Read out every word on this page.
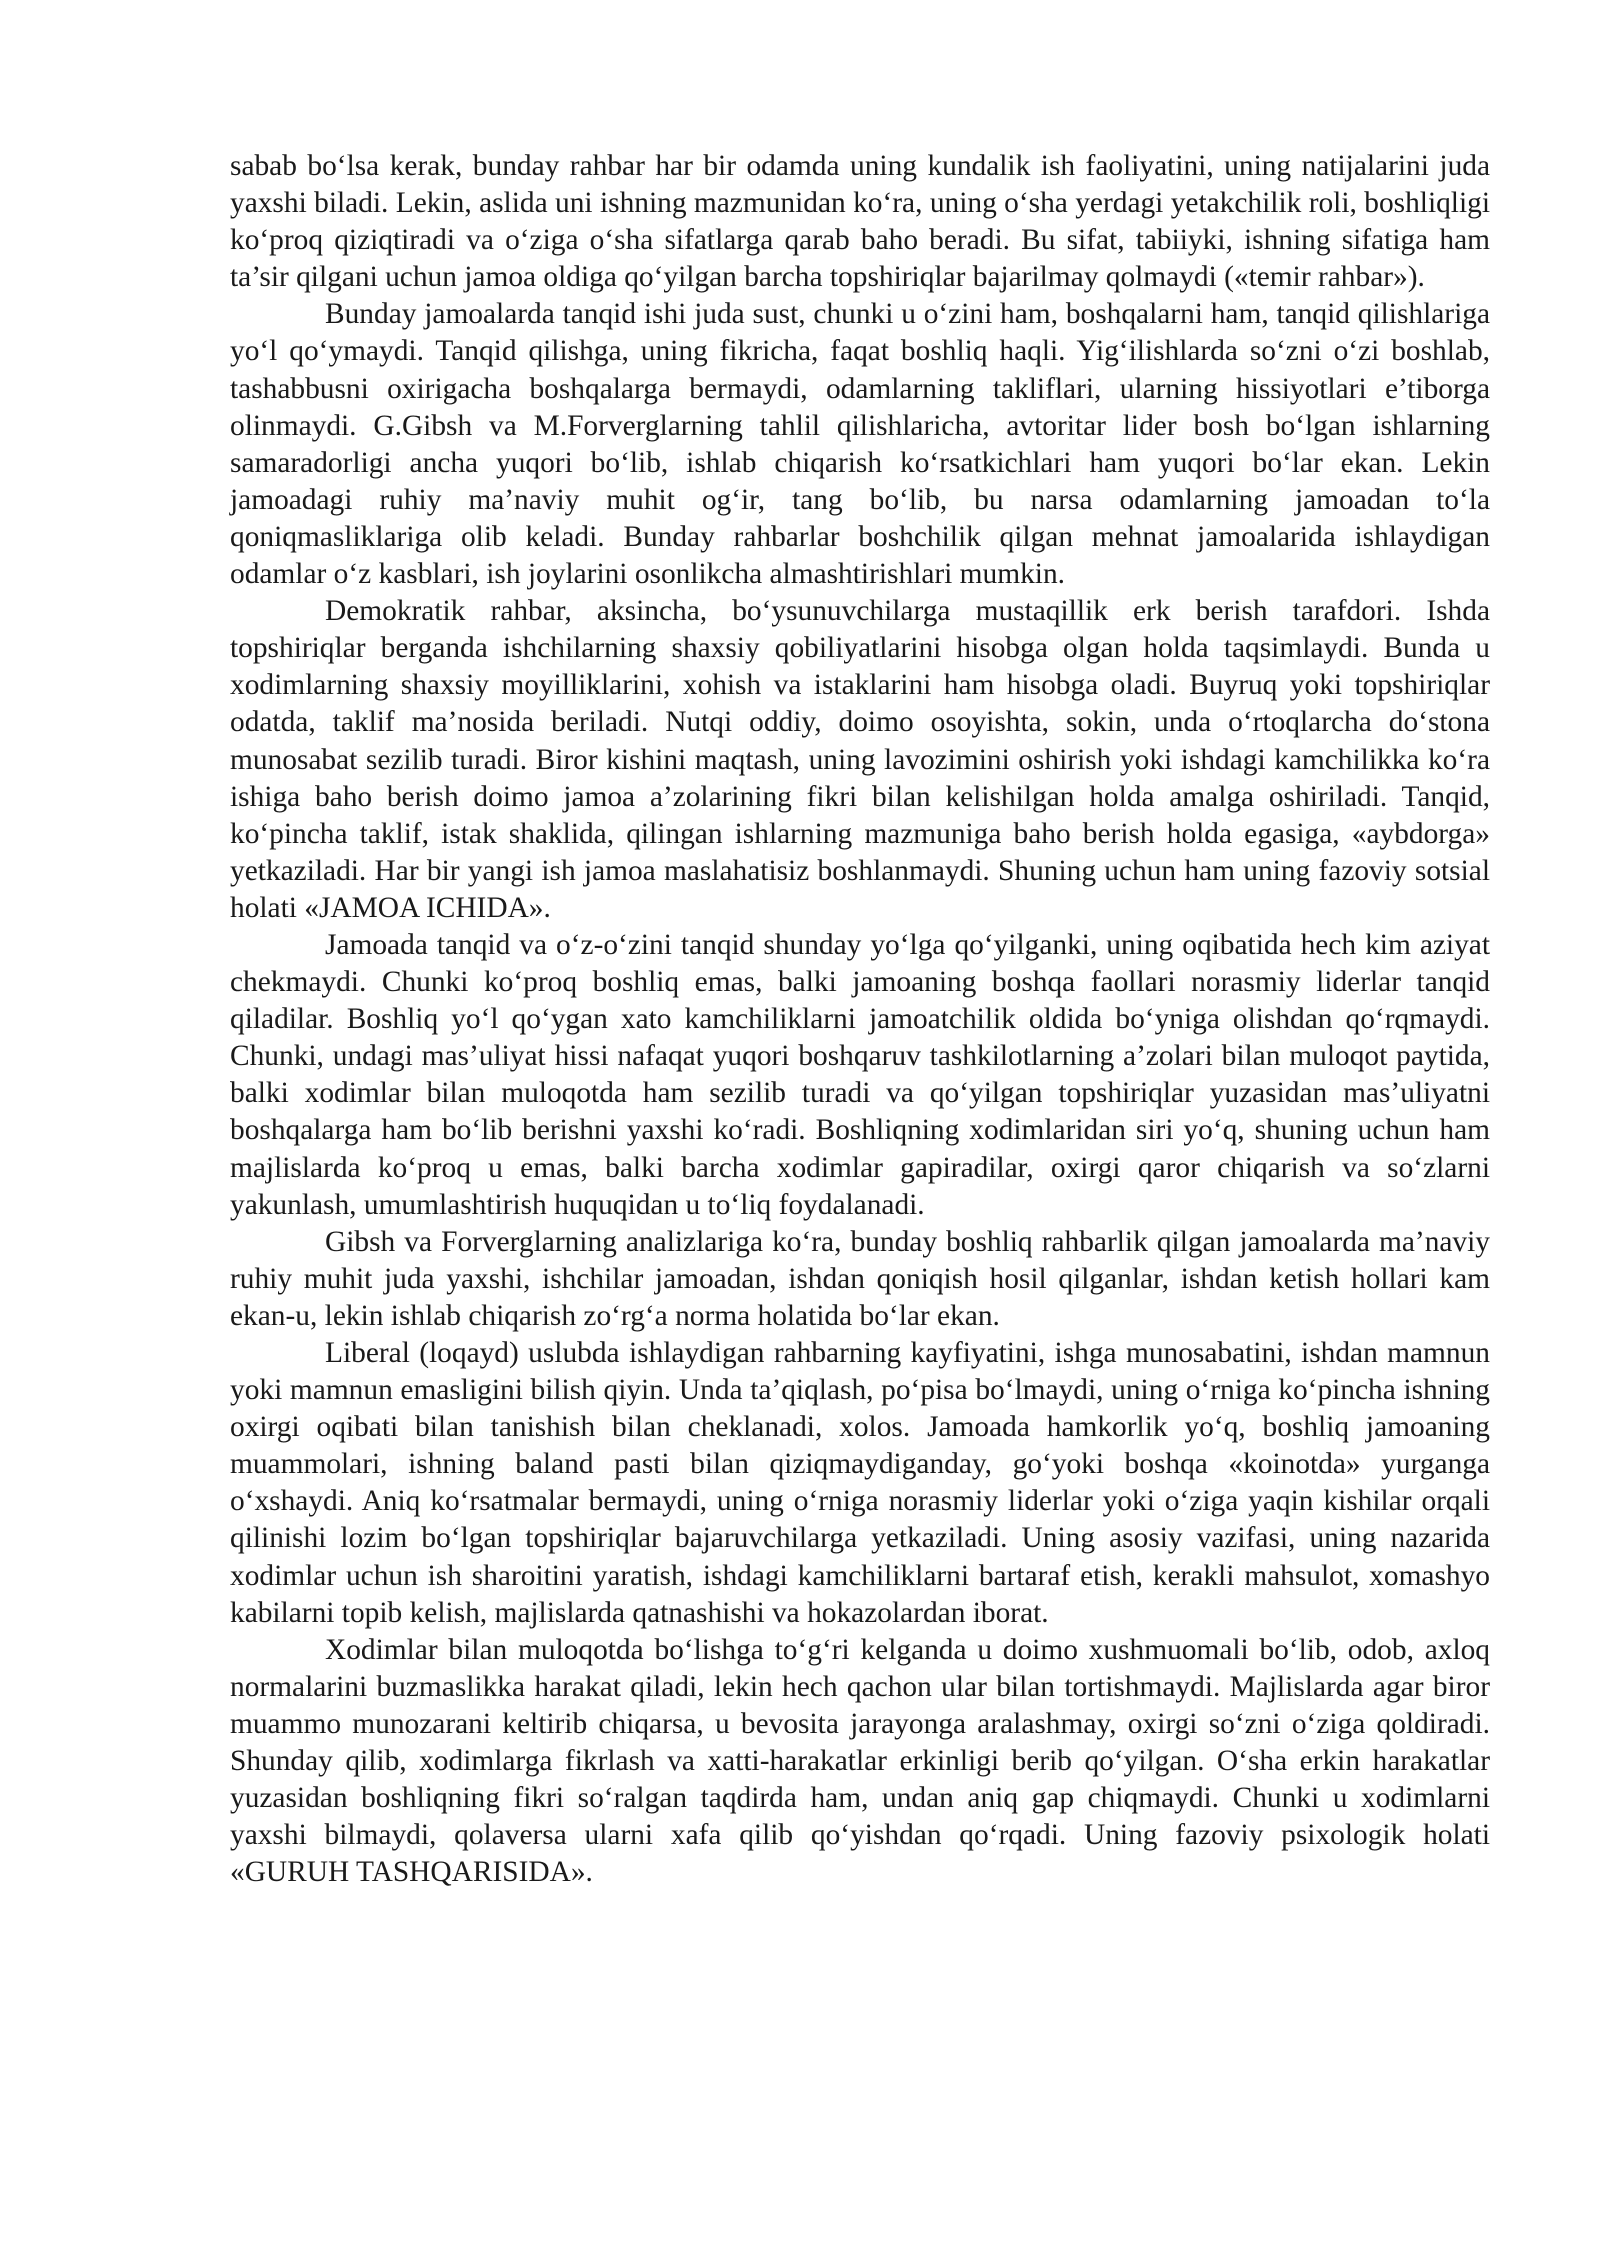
sabab bo‘lsa kerak, bunday rahbar har bir odamda uning kundalik ish faoliyatini, uning natijalarini juda yaxshi biladi. Lekin, aslida uni ishning mazmunidan ko‘ra, uning o‘sha yerdagi yetakchilik roli, boshliqligi ko‘proq qiziqtiradi va o‘ziga o‘sha sifatlarga qarab baho beradi. Bu sifat, tabiiyki, ishning sifatiga ham ta’sir qilgani uchun jamoa oldiga qo‘yilgan barcha topshiriqlar bajarilmay qolmaydi («temir rahbar»).

Bunday jamoalarda tanqid ishi juda sust, chunki u o‘zini ham, boshqalarni ham, tanqid qilishlariga yo‘l qo‘ymaydi. Tanqid qilishga, uning fikricha, faqat boshliq haqli. Yig‘ilishlarda so‘zni o‘zi boshlab, tashabbusni oxirigacha boshqalarga bermaydi, odamlarning takliflari, ularning hissiyotlari e’tiborga olinmaydi. G.Gibsh va M.Forverglarning tahlil qilishlaricha, avtoritar lider bosh bo‘lgan ishlarning samaradorligi ancha yuqori bo‘lib, ishlab chiqarish ko‘rsatkichlari ham yuqori bo‘lar ekan. Lekin jamoadagi ruhiy ma’naviy muhit og‘ir, tang bo‘lib, bu narsa odamlarning jamoadan to‘la qoniqmasliklariga olib keladi. Bunday rahbarlar boshchilik qilgan mehnat jamoalarida ishlaydigan odamlar o‘z kasblari, ish joylarini osonlikcha almashtirishlari mumkin.

Demokratik rahbar, aksincha, bo‘ysunuvchilarga mustaqillik erk berish tarafdori. Ishda topshiriqlar berganda ishchilarning shaxsiy qobiliyatlarini hisobga olgan holda taqsimlaydi. Bunda u xodimlarning shaxsiy moyilliklarini, xohish va istaklarini ham hisobga oladi. Buyruq yoki topshiriqlar odatda, taklif ma’nosida beriladi. Nutqi oddiy, doimo osoyishta, sokin, unda o‘rtoqlarcha do‘stona munosabat sezilib turadi. Biror kishini maqtash, uning lavozimini oshirish yoki ishdagi kamchilikka ko‘ra ishiga baho berish doimo jamoa a’zolarining fikri bilan kelishilgan holda amalga oshiriladi. Tanqid, ko‘pincha taklif, istak shaklida, qilingan ishlarning mazmuniga baho berish holda egasiga, «aybdorga» yetkaziladi. Har bir yangi ish jamoa maslahatisiz boshlanmaydi. Shuning uchun ham uning fazoviy sotsial holati «JAMOA ICHIDA».

Jamoada tanqid va o‘z-o‘zini tanqid shunday yo‘lga qo‘yilganki, uning oqibatida hech kim aziyat chekmaydi. Chunki ko‘proq boshliq emas, balki jamoaning boshqa faollari norasmiy liderlar tanqid qiladilar. Boshliq yo‘l qo‘ygan xato kamchiliklarni jamoatchilik oldida bo‘yniga olishdan qo‘rqmaydi. Chunki, undagi mas’uliyat hissi nafaqat yuqori boshqaruv tashkilotlarning a’zolari bilan muloqot paytida, balki xodimlar bilan muloqotda ham sezilib turadi va qo‘yilgan topshiriqlar yuzasidan mas’uliyatni boshqalarga ham bo‘lib berishni yaxshi ko‘radi. Boshliqning xodimlaridan siri yo‘q, shuning uchun ham majlislarda ko‘proq u emas, balki barcha xodimlar gapiradilar, oxirgi qaror chiqarish va so‘zlarni yakunlash, umumlashtirish huquqidan u to‘liq foydalanadi.

Gibsh va Forverglarning analizlariga ko‘ra, bunday boshliq rahbarlik qilgan jamoalarda ma’naviy ruhiy muhit juda yaxshi, ishchilar jamoadan, ishdan qoniqish hosil qilganlar, ishdan ketish hollari kam ekan-u, lekin ishlab chiqarish zo‘rg‘a norma holatida bo‘lar ekan.

Liberal (loqayd) uslubda ishlaydigan rahbarning kayfiyatini, ishga munosabatini, ishdan mamnun yoki mamnun emasligini bilish qiyin. Unda ta’qiqlash, po‘pisa bo‘lmaydi, uning o‘rniga ko‘pincha ishning oxirgi oqibati bilan tanishish bilan cheklanadi, xolos. Jamoada hamkorlik yo‘q, boshliq jamoaning muammolari, ishning baland pasti bilan qiziqmaydiganday, go‘yoki boshqa «koinotda» yurganga o‘xshaydi. Aniq ko‘rsatmalar bermaydi, uning o‘rniga norasmiy liderlar yoki o‘ziga yaqin kishilar orqali qilinishi lozim bo‘lgan topshiriqlar bajaruvchilarga yetkaziladi. Uning asosiy vazifasi, uning nazarida xodimlar uchun ish sharoitini yaratish, ishdagi kamchiliklarni bartaraf etish, kerakli mahsulot, xomashyo kabilarni topib kelish, majlislarda qatnashishi va hokazolardan iborat.

Xodimlar bilan muloqotda bo‘lishga to‘g‘ri kelganda u doimo xushmuomali bo‘lib, odob, axloq normalarini buzmaslikka harakat qiladi, lekin hech qachon ular bilan tortishmaydi. Majlislarda agar biror muammo munozarani keltirib chiqarsa, u bevosita jarayonga aralashmay, oxirgi so‘zni o‘ziga qoldiradi. Shunday qilib, xodimlarga fikrlash va xatti-harakatlar erkinligi berib qo‘yilgan. O‘sha erkin harakatlar yuzasidan boshliqning fikri so‘ralgan taqdirda ham, undan aniq gap chiqmaydi. Chunki u xodimlarni yaxshi bilmaydi, qolaversa ularni xafa qilib qo‘yishdan qo‘rqadi. Uning fazoviy psixologik holati «GURUH TASHQARISIDA».
